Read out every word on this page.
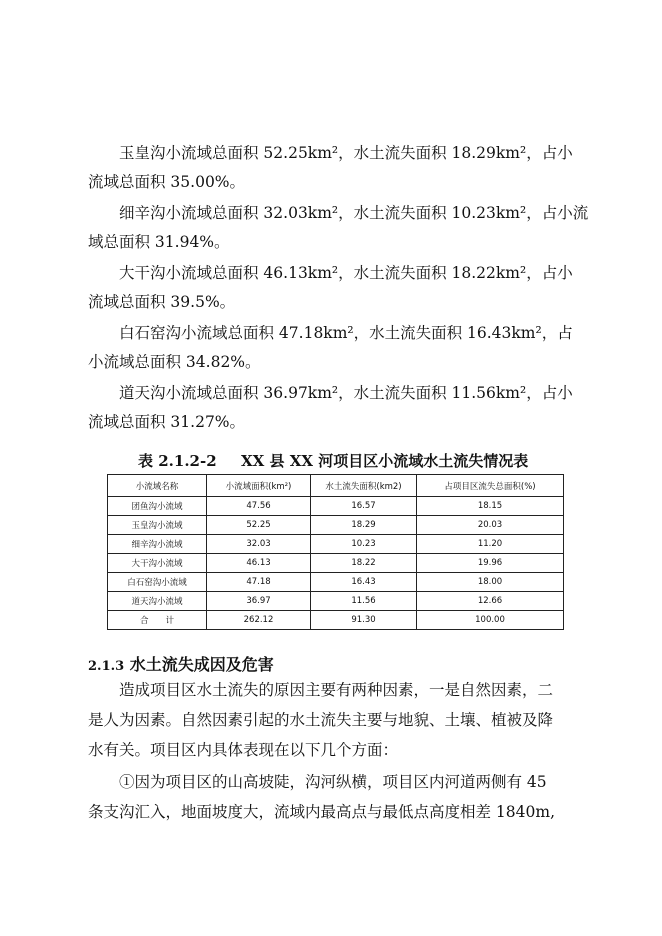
玉皇沟小流域总面积 52.25km²，水土流失面积 18.29km²，占小
流域总面积 35.00%。
细辛沟小流域总面积 32.03km²，水土流失面积 10.23km²，占小流
域总面积 31.94%。
大干沟小流域总面积 46.13km²，水土流失面积 18.22km²，占小
流域总面积 39.5%。
白石窑沟小流域总面积 47.18km²，水土流失面积 16.43km²，占
小流域总面积 34.82%。
道天沟小流域总面积 36.97km²，水土流失面积 11.56km²，占小
流域总面积 31.27%。
表 2.1.2-2 XX 县 XX 河项目区小流域水土流失情况表
小流域名称	小流域面积(km²)	水土流失面积(km2)	占项目区流失总面积(%)
团鱼沟小流域	47.56	16.57	18.15
玉皇沟小流域	52.25	18.29	20.03
细辛沟小流域	32.03	10.23	11.20
大干沟小流域	46.13	18.22	19.96
白石窑沟小流域	47.18	16.43	18.00
道天沟小流域	36.97	11.56	12.66
合　　计	262.12	91.30	100.00
2.1.3 水土流失成因及危害
造成项目区水土流失的原因主要有两种因素，一是自然因素，二
是人为因素。自然因素引起的水土流失主要与地貌、土壤、植被及降
水有关。项目区内具体表现在以下几个方面：
①因为项目区的山高坡陡，沟河纵横，项目区内河道两侧有 45
条支沟汇入，地面坡度大，流域内最高点与最低点高度相差 1840m,
